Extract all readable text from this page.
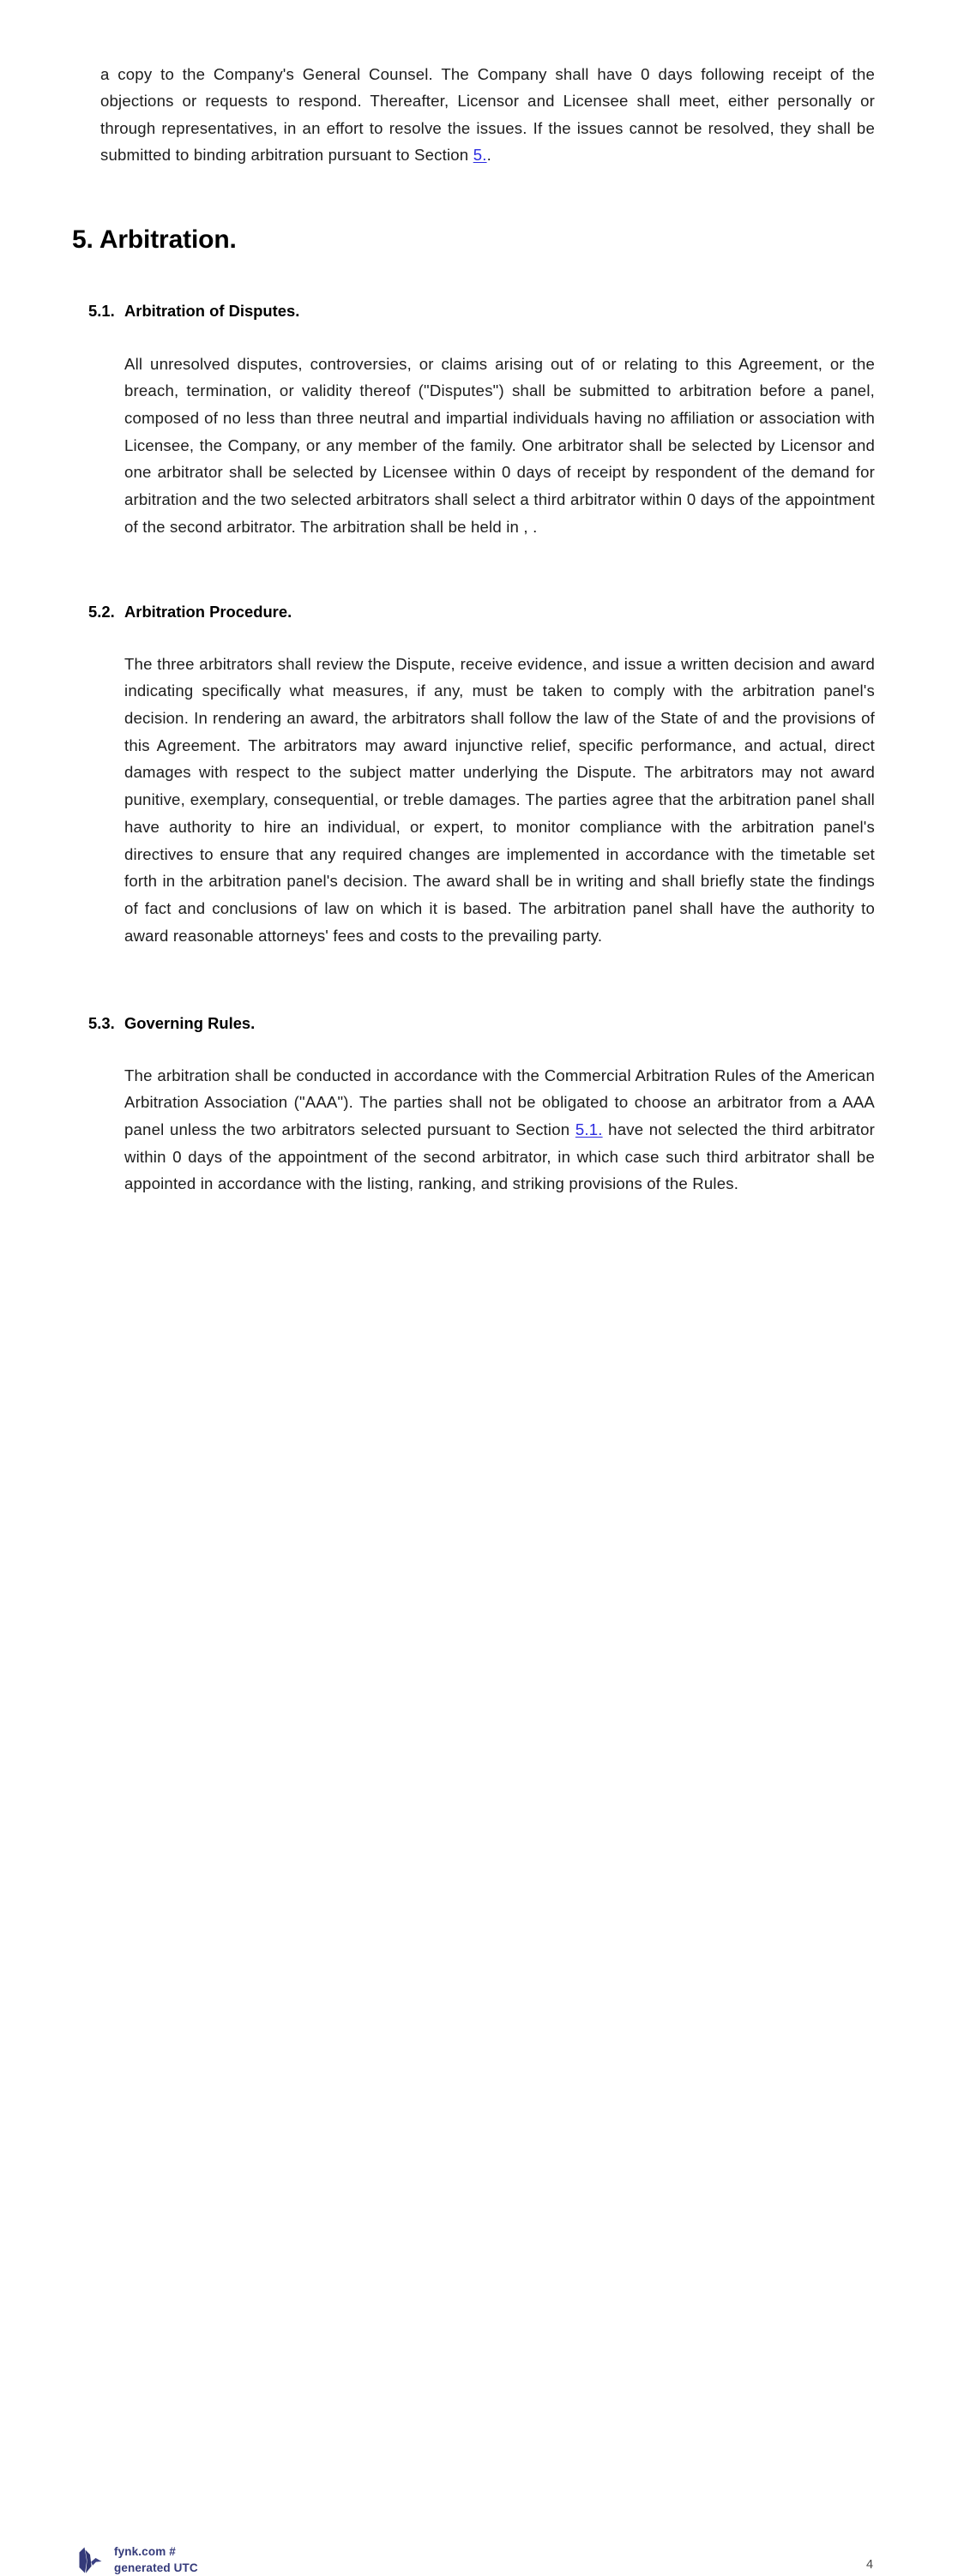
a copy to the Company's General Counsel. The Company shall have 0 days following receipt of the objections or requests to respond. Thereafter, Licensor and Licensee shall meet, either personally or through representatives, in an effort to resolve the issues. If the issues cannot be resolved, they shall be submitted to binding arbitration pursuant to Section 5..

5. Arbitration.
5.1. Arbitration of Disputes.

All unresolved disputes, controversies, or claims arising out of or relating to this Agreement, or the breach, termination, or validity thereof ("Disputes") shall be submitted to arbitration before a panel, composed of no less than three neutral and impartial individuals having no affiliation or association with Licensee, the Company, or any member of the family. One arbitrator shall be selected by Licensor and one arbitrator shall be selected by Licensee within 0 days of receipt by respondent of the demand for arbitration and the two selected arbitrators shall select a third arbitrator within 0 days of the appointment of the second arbitrator. The arbitration shall be held in , .

5.2. Arbitration Procedure.

The three arbitrators shall review the Dispute, receive evidence, and issue a written decision and award indicating specifically what measures, if any, must be taken to comply with the arbitration panel's decision. In rendering an award, the arbitrators shall follow the law of the State of and the provisions of this Agreement. The arbitrators may award injunctive relief, specific performance, and actual, direct damages with respect to the subject matter underlying the Dispute. The arbitrators may not award punitive, exemplary, consequential, or treble damages. The parties agree that the arbitration panel shall have authority to hire an individual, or expert, to monitor compliance with the arbitration panel's directives to ensure that any required changes are implemented in accordance with the timetable set forth in the arbitration panel's decision. The award shall be in writing and shall briefly state the findings of fact and conclusions of law on which it is based. The arbitration panel shall have the authority to award reasonable attorneys' fees and costs to the prevailing party.

5.3. Governing Rules.

The arbitration shall be conducted in accordance with the Commercial Arbitration Rules of the American Arbitration Association ("AAA"). The parties shall not be obligated to choose an arbitrator from a AAA panel unless the two arbitrators selected pursuant to Section 5.1. have not selected the third arbitrator within 0 days of the appointment of the second arbitrator, in which case such third arbitrator shall be appointed in accordance with the listing, ranking, and striking provisions of the Rules.

fynk.com #
generated UTC	4
